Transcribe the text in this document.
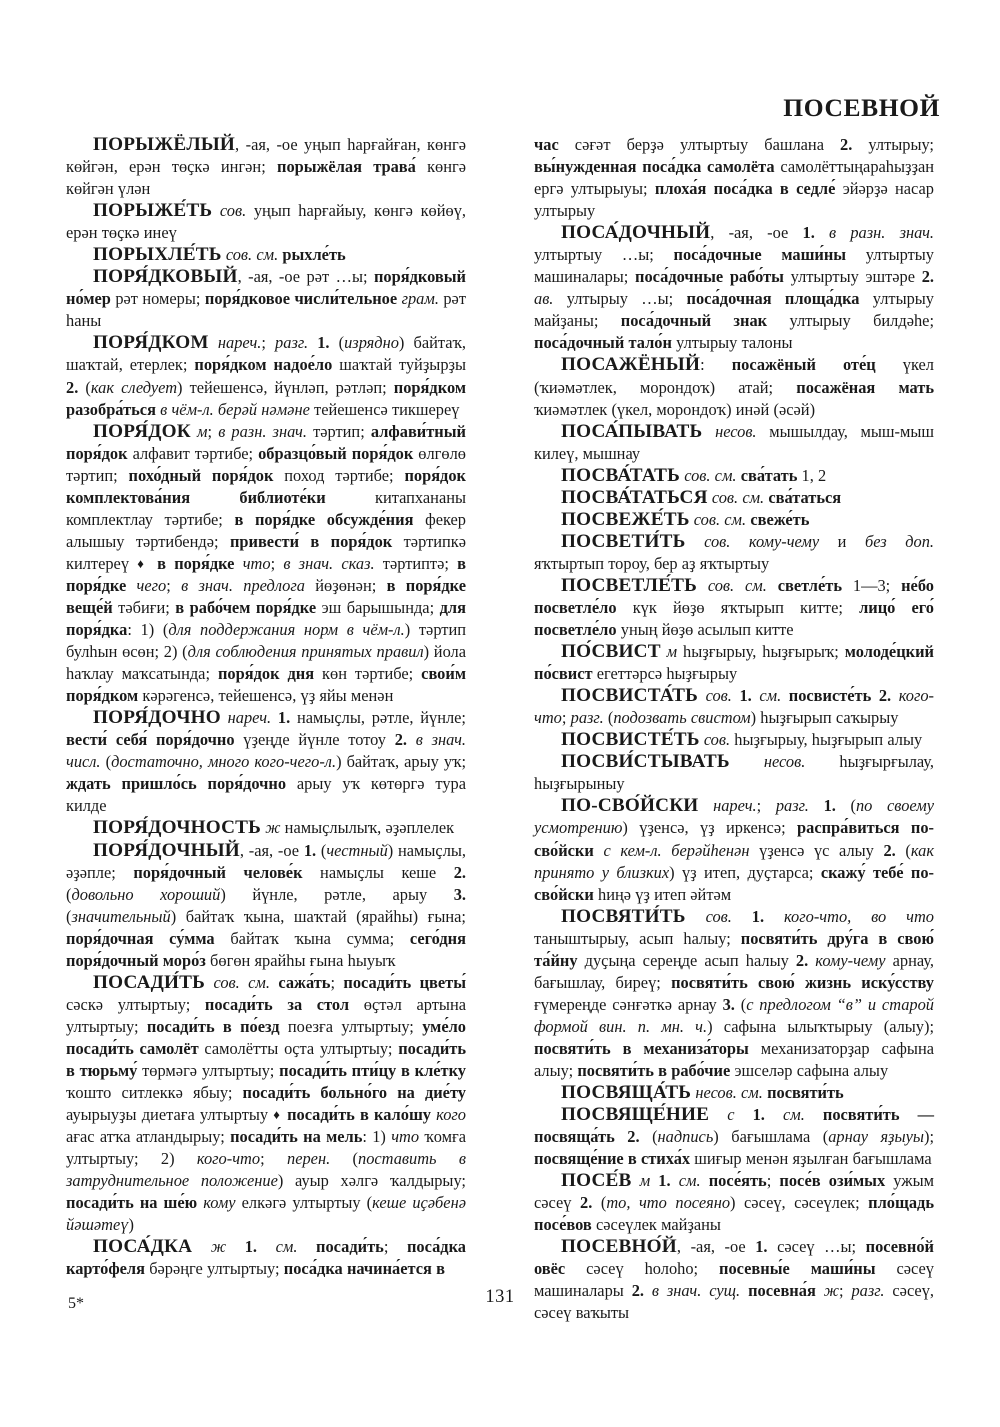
ПОСЕВНОЙ

ПОРЫЖЁЛЫЙ, -ая, -ое уңып һарғайған, көнгә көйгән, ерән төҫкә ингән; порыжёлая трава́ көнгә көйгән үлән

ПОРЫЖЕ́ТЬ сов. уңып һарғайыу, көнгә көйөү, ерән төҫкә инеү

ПОРЫХЛЕ́ТЬ сов. см. рыхле́ть

ПОРЯ́ДКОВЫЙ, -ая, -ое рәт …ы; поря́дковый но́мер рәт номеры; поря́дковое числи́тельное грам. рәт һаны

ПОРЯ́ДКОМ нареч.; разг. 1. (изрядно) байтаҡ, шаҡтай, етерлек; поря́дком надое́ло шаҡтай туйҙырҙы 2. (как следует) тейешенсә, йүнләп, рәтләп; поря́дком разобра́ться в чём-л. берәй нәмәне тейешенсә тикшереү

ПОРЯ́ДОК м; в разн. знач. тәртип; алфави́тный поря́док алфавит тәртибе; образцо́вый поря́док өлгөлө тәртип; похо́дный поря́док поход тәртибе; поря́док комплектова́ния библиоте́ки китапхананы комплектлау тәртибе; в поря́дке обсужде́ния фекер алышыу тәртибендә; привести́ в поря́док тәртипкә килтереү ♦ в поря́дке что; в знач. сказ. тәртиптә; в поря́дке чего; в знач. предлога йөҙөнән; в поря́дке веще́й тәбиғи; в рабо́чем поря́дке эш барышында; для поря́дка: 1) (для поддержания норм в чём-л.) тәртип булһын өсөн; 2) (для соблюдения принятых правил) йола һаҡлау маҡсатында; поря́док дня көн тәртибе; свои́м поря́дком кәрәгенсә, тейешенсә, үҙ яйы менән

ПОРЯ́ДОЧНО нареч. 1. намыҫлы, рәтле, йүнле; вести́ себя́ поря́дочно үҙеңде йүнле тотоу 2. в знач. числ. (достаточно, много кого-чего-л.) байтаҡ, арыу уҡ; ждать пришло́сь поря́дочно арыу уҡ көтөргә тура килде

ПОРЯ́ДОЧНОСТЬ ж намыҫлылыҡ, әҙәплелек

ПОРЯ́ДОЧНЫЙ, -ая, -ое 1. (честный) намыҫлы, әҙәпле; поря́дочный челове́к намыҫлы кеше 2. (довольно хороший) йүнле, рәтле, арыу 3. (значительный) байтаҡ ҡына, шаҡтай (ярайһы) ғына; поря́дочная су́мма байтаҡ ҡына сумма; сего́дня поря́дочный моро́з бөгөн ярайһы ғына һыуыҡ

ПОСАДИ́ТЬ сов. см. сажа́ть; посади́ть цветы́ сәскә ултыртыу; посади́ть за стол өҫтәл артына ултыртыу; посади́ть в по́езд поезға ултыртыу; уме́ло посади́ть самолёт самолётты оҫта ултыртыу; посади́ть в тюрьму́ төрмәгә ултыртыу; посади́ть пти́цу в кле́тку ҡошто ситлеккә ябыу; посади́ть больно́го на дие́ту ауырыуҙы диетаға ултыртыу ♦ посади́ть в кало́шу кого ағас атҡа атландырыу; посади́ть на мель: 1) что ҡомға ултыртыу; 2) кого-что; перен. (поставить в затруднительное положение) ауыр хәлгә ҡалдырыу; посади́ть на ше́ю кому елкәгә ултыртыу (кеше иҫәбенә йәшәтеү)

ПОСА́ДКА ж 1. см. посади́ть; поса́дка карто́феля бәрәңге ултыртыу; поса́дка начина́ется в

час сәғәт берҙә ултыртыу башлана 2. ултырыу; вы́нужденная поса́дка самолёта самолёттыңараһыҙҙан ергә ултырыуы; плоха́я поса́дка в седле́ эйәрҙә насар ултырыу

ПОСА́ДОЧНЫЙ, -ая, -ое 1. в разн. знач. ултыртыу …ы; поса́дочные маши́ны ултыртыу машиналары; поса́дочные рабо́ты ултыртыу эштәре 2. ав. ултырыу …ы; поса́дочная площа́дка ултырыу майҙаны; поса́дочный знак ултырыу билдәһе; поса́дочный тало́н ултырыу талоны

ПОСАЖЁНЫЙ: посажёный оте́ц үкел (ҡиәмәтлек, морондоҡ) атай; посажёная мать ҡиәмәтлек (үкел, морондоҡ) инәй (әсәй)

ПОСА́ПЫВАТЬ несов. мышылдау, мыш-мыш килеү, мышнау

ПОСВА́ТАТЬ сов. см. сва́тать 1, 2

ПОСВА́ТАТЬСЯ сов. см. сва́таться

ПОСВЕЖЕ́ТЬ сов. см. свеже́ть

ПОСВЕТИ́ТЬ сов. кому-чему и без доп. яҡтыртып тороу, бер аҙ яҡтыртыу

ПОСВЕТЛЕ́ТЬ сов. см. светле́ть 1—3; не́бо посветле́ло күк йөҙө яҡтырып китте; лицо́ его́ посветле́ло уның йөҙө асылып китте

ПО́СВИСТ м һыҙғырыу, һыҙғырыҡ; молоде́цкий по́свист егеттәрсә һыҙғырыу

ПОСВИСТА́ТЬ сов. 1. см. посвисте́ть 2. кого-что; разг. (подозвать свистом) һыҙғырып саҡырыу

ПОСВИСТЕ́ТЬ сов. һыҙғырыу, һыҙғырып алыу

ПОСВИ́СТЫВАТЬ несов. һыҙғырғылау, һыҙғырыныу

ПО-СВО́ЙСКИ нареч.; разг. 1. (по своему усмотрению) үҙенсә, үҙ иркенсә; распра́виться по-сво́йски с кем-л. берәйһенән үҙенсә үс алыу 2. (как принято у близких) үҙ итеп, дуҫтарса; скажу́ тебе́ по-сво́йски һиңә үҙ итеп әйтәм

ПОСВЯТИ́ТЬ сов. 1. кого-что, во что таныштырыу, асып һалыу; посвяти́ть дру́га в свою́ та́йну дуҫыңа сереңде асып һалыу 2. кому-чему арнау, бағышлау, биреү; посвяти́ть свою́ жизнь иску́сству ғүмереңде сәнғәткә арнау 3. (с предлогом “в” и старой формой вин. п. мн. ч.) сафына ылыҡтырыу (алыу); посвяти́ть в механиза́торы механизаторҙар сафына алыу; посвяти́ть в рабо́чие эшселәр сафына алыу

ПОСВЯЩА́ТЬ несов. см. посвяти́ть

ПОСВЯЩЕ́НИЕ с 1. см. посвяти́ть — посвяща́ть 2. (надпись) бағышлама (арнау яҙыуы); посвяще́ние в стиха́х шиғыр менән яҙылған бағышлама

ПОСЕ́В м 1. см. посе́ять; посе́в ози́мых ужым сәсеү 2. (то, что посеяно) сәсеү, сәсеүлек; пло́щадь посе́вов сәсеүлек майҙаны

ПОСЕВНО́Й, -ая, -ое 1. сәсеү …ы; посевно́й овёс сәсеү һолоһо; посевны́е маши́ны сәсеү машиналары 2. в знач. сущ. посевна́я ж; разг. сәсеү, сәсеү ваҡыты

5*	131
